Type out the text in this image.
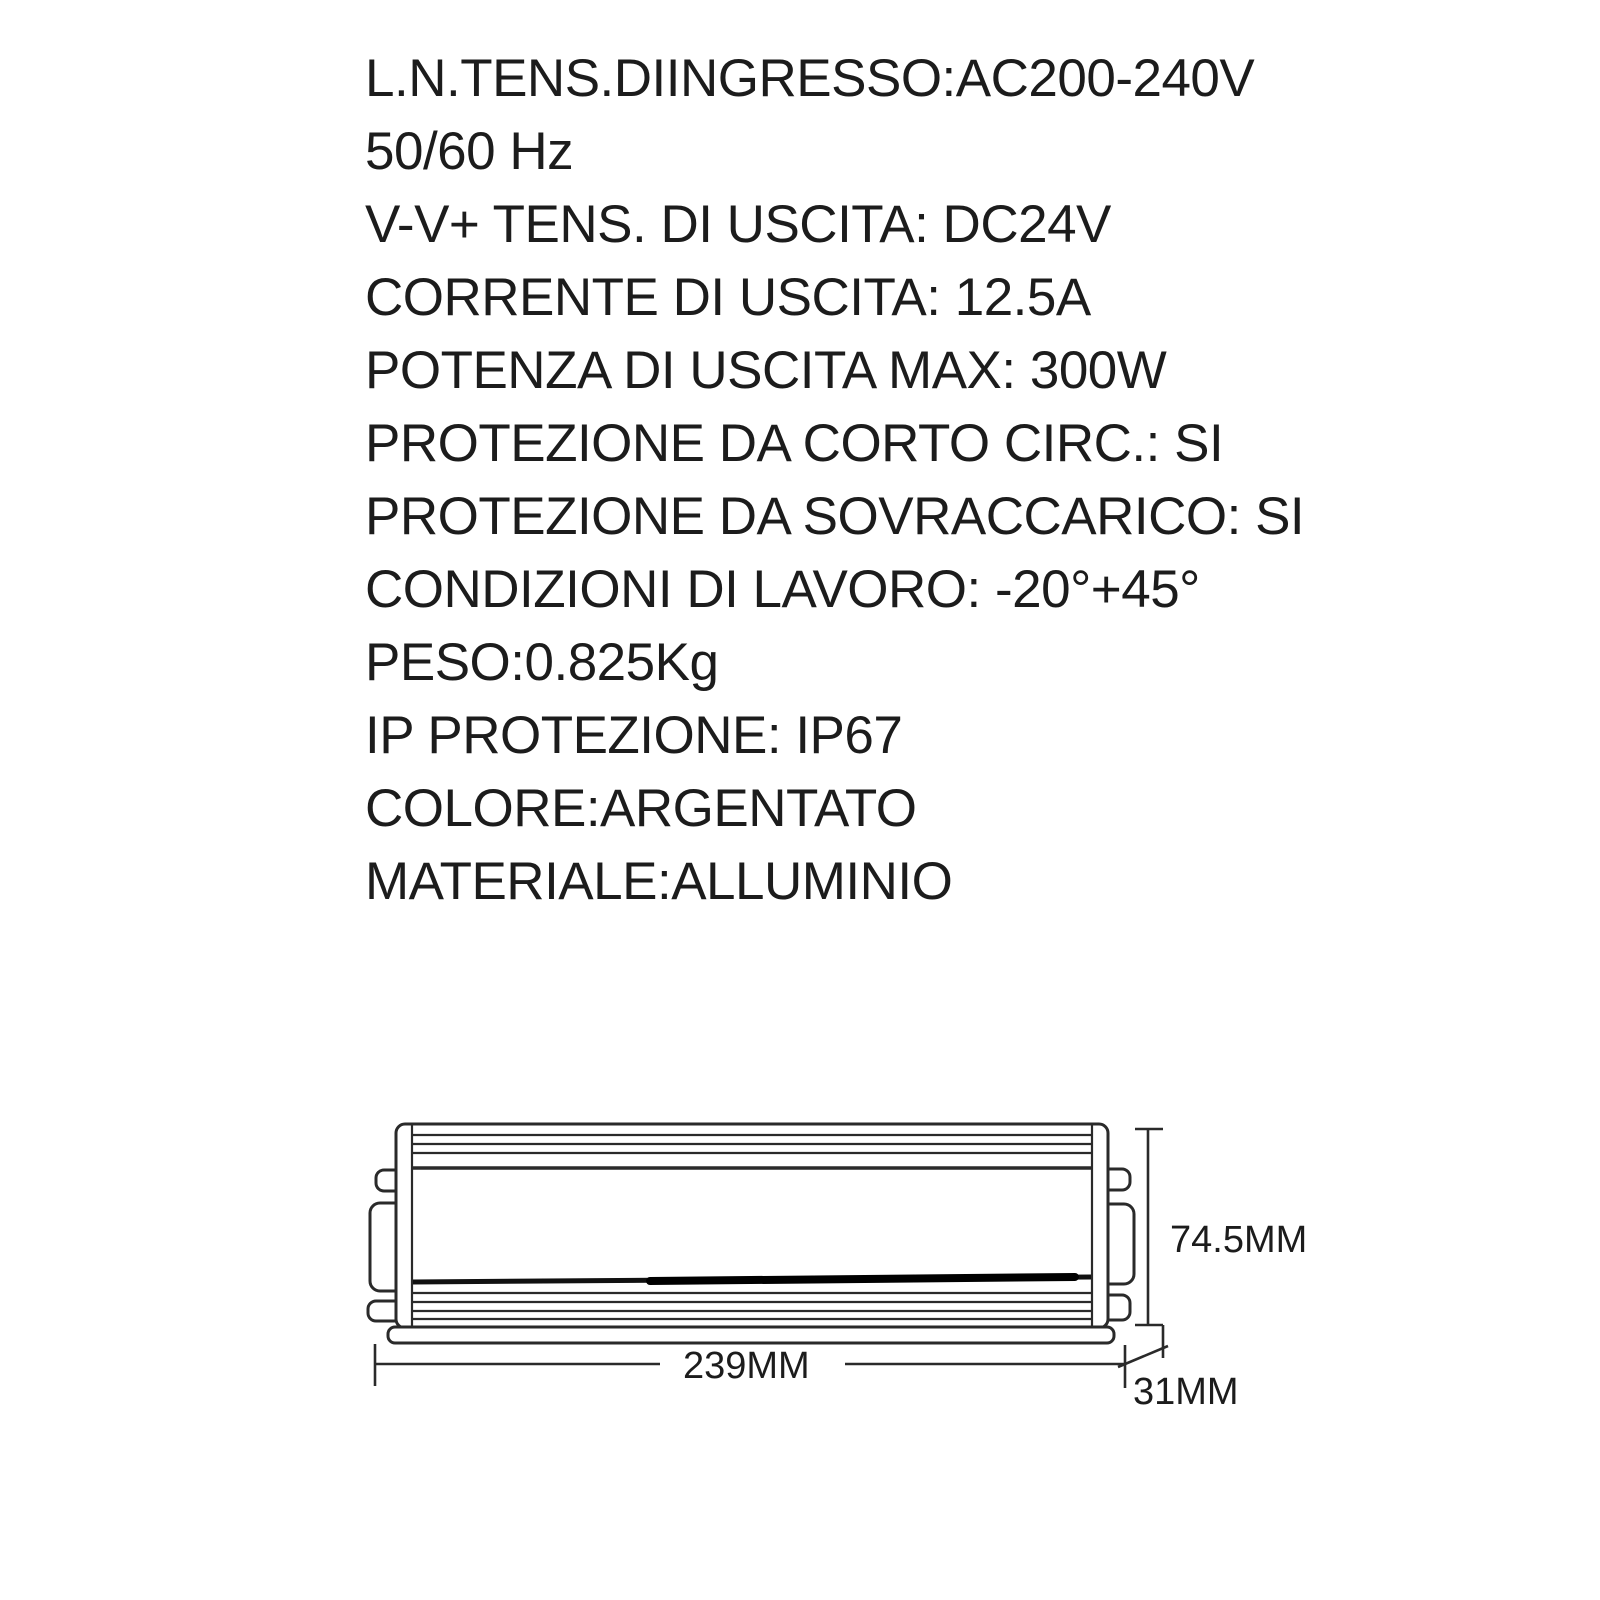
L.N.TENS.DIINGRESSO:AC200-240V
50/60 Hz
V-V+ TENS. DI USCITA: DC24V
CORRENTE DI USCITA: 12.5A
POTENZA DI USCITA MAX: 300W
PROTEZIONE DA CORTO CIRC.: SI
PROTEZIONE DA SOVRACCARICO: SI
CONDIZIONI DI LAVORO: -20°+45°
PESO:0.825Kg
IP PROTEZIONE: IP67
COLORE:ARGENTATO
MATERIALE:ALLUMINIO
74.5MM
239MM
31MM
